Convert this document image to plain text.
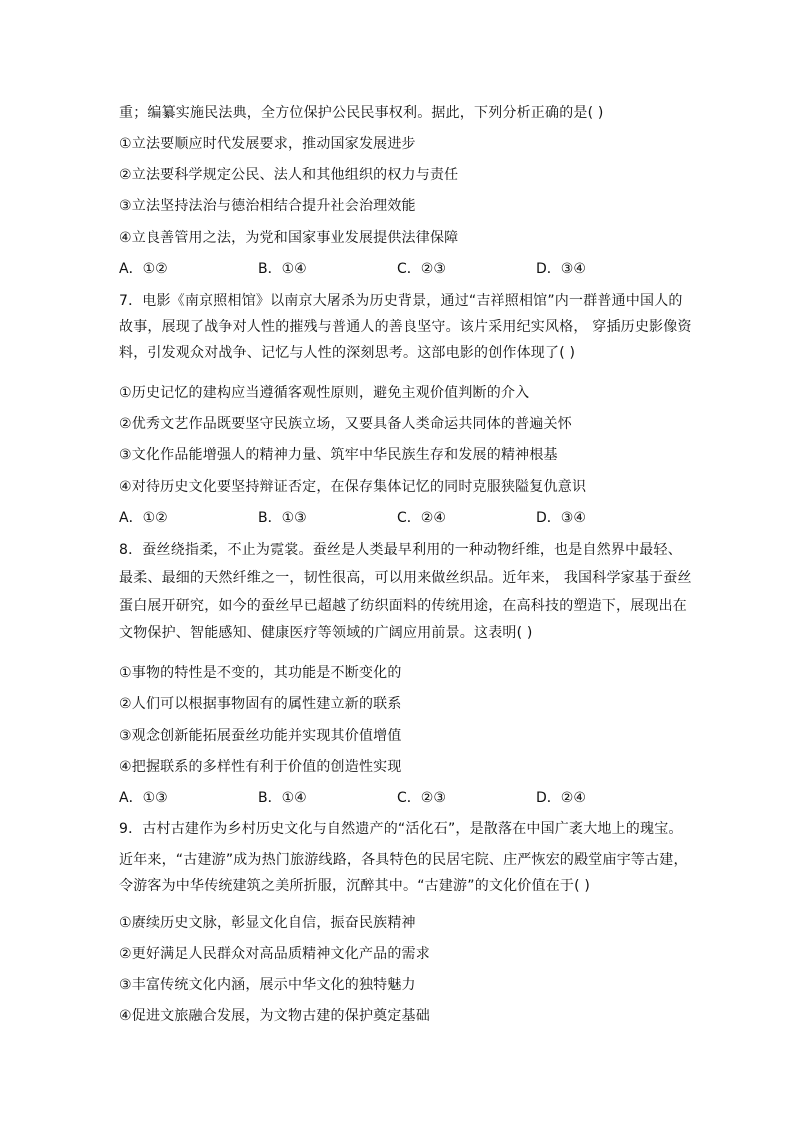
重；编纂实施民法典，全方位保护公民民事权利。据此，下列分析正确的是( )
①立法要顺应时代发展要求，推动国家发展进步
②立法要科学规定公民、法人和其他组织的权力与责任
③立法坚持法治与德治相结合提升社会治理效能
④立良善管用之法，为党和国家事业发展提供法律保障
A．①②	B．①④	C．②③	D．③④
7．电影《南京照相馆》以南京大屠杀为历史背景，通过“吉祥照相馆”内一群普通中国人的
故事，展现了战争对人性的摧残与普通人的善良坚守。该片采用纪实风格， 穿插历史影像资
料，引发观众对战争、记忆与人性的深刻思考。这部电影的创作体现了( )
①历史记忆的建构应当遵循客观性原则，避免主观价值判断的介入
②优秀文艺作品既要坚守民族立场，又要具备人类命运共同体的普遍关怀
③文化作品能增强人的精神力量、筑牢中华民族生存和发展的精神根基
④对待历史文化要坚持辩证否定，在保存集体记忆的同时克服狭隘复仇意识
A．①②	B．①③	C．②④	D．③④
8．蚕丝绕指柔，不止为霓裳。蚕丝是人类最早利用的一种动物纤维，也是自然界中最轻、
最柔、最细的天然纤维之一，韧性很高，可以用来做丝织品。近年来， 我国科学家基于蚕丝
蛋白展开研究，如今的蚕丝早已超越了纺织面料的传统用途，在高科技的塑造下，展现出在
文物保护、智能感知、健康医疗等领域的广阔应用前景。这表明( )
①事物的特性是不变的，其功能是不断变化的
②人们可以根据事物固有的属性建立新的联系
③观念创新能拓展蚕丝功能并实现其价值增值
④把握联系的多样性有利于价值的创造性实现
A．①③	B．①④	C．②③	D．②④
9．古村古建作为乡村历史文化与自然遗产的“活化石”，是散落在中国广袤大地上的瑰宝。
近年来，“古建游”成为热门旅游线路，各具特色的民居宅院、庄严恢宏的殿堂庙宇等古建，
令游客为中华传统建筑之美所折服，沉醉其中。“古建游”的文化价值在于( )
①赓续历史文脉，彰显文化自信，振奋民族精神
②更好满足人民群众对高品质精神文化产品的需求
③丰富传统文化内涵，展示中华文化的独特魅力
④促进文旅融合发展，为文物古建的保护奠定基础
